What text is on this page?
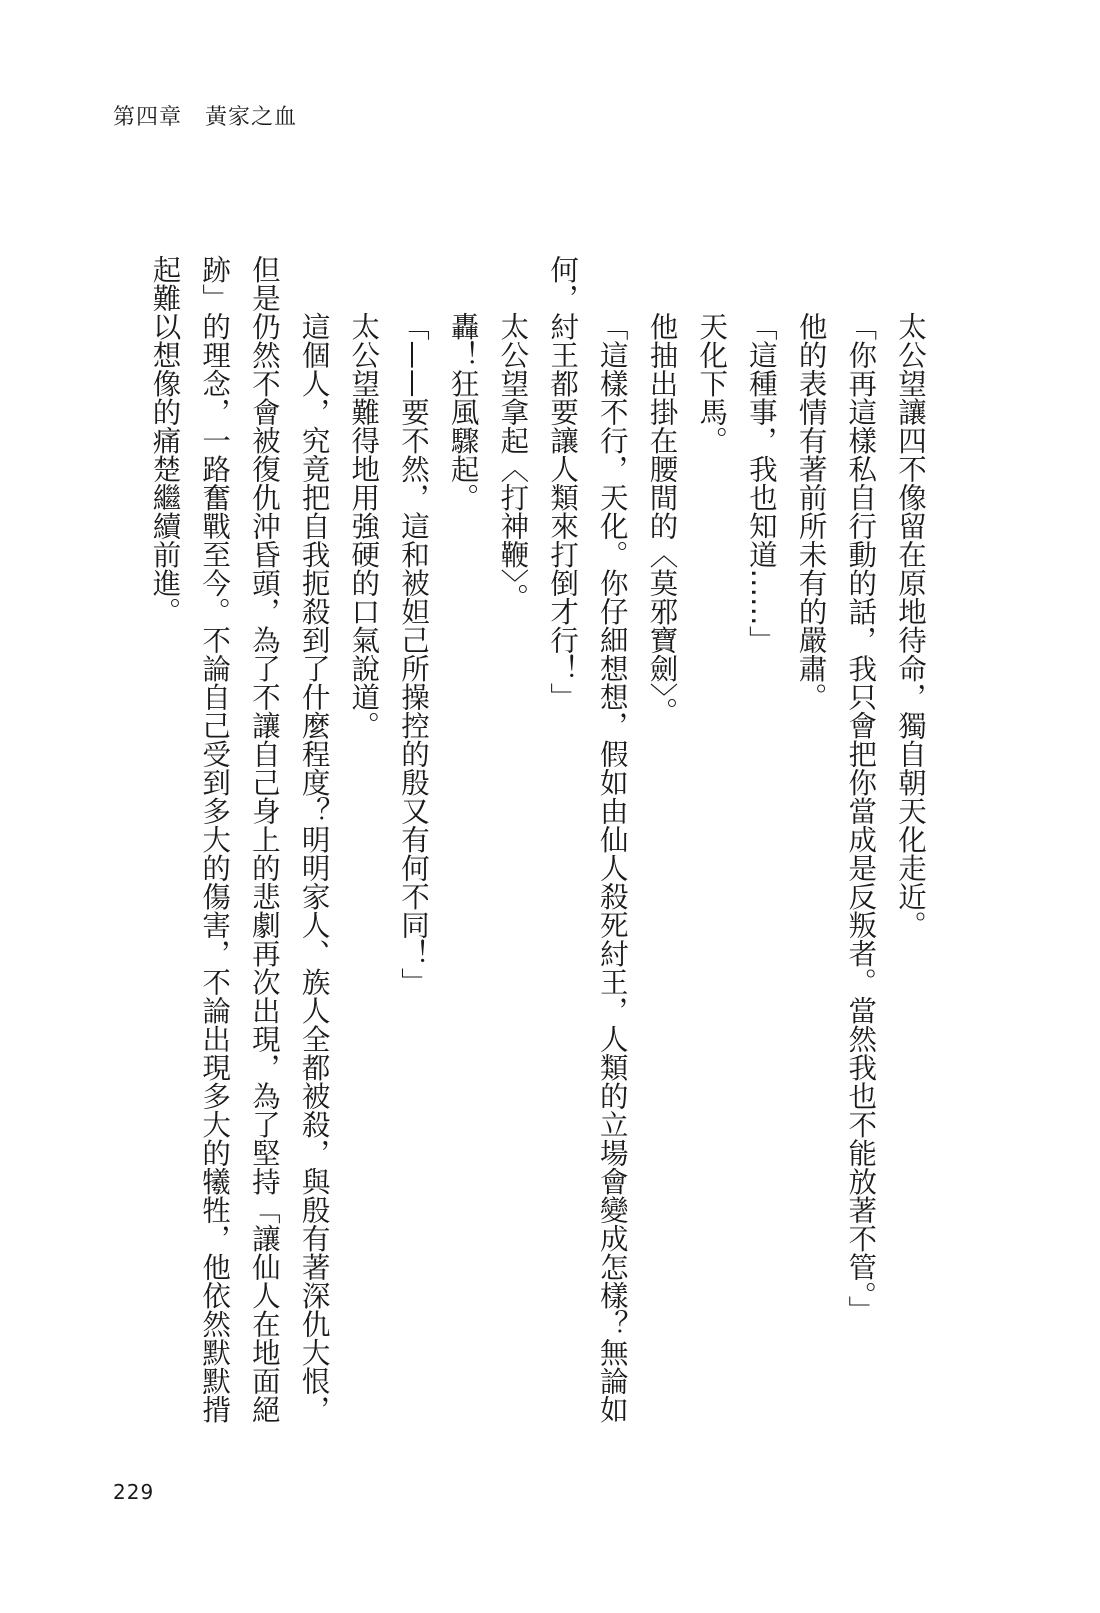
第四章　黃家之血
太公望讓四不像留在原地待命，獨自朝天化走近。
「你再這樣私自行動的話，我只會把你當成是反叛者。當然我也不能放著不管。」
他的表情有著前所未有的嚴肅。
「這種事，我也知道……」
天化下馬。
他抽出掛在腰間的〈莫邪寶劍〉。
「這樣不行，天化。你仔細想想，假如由仙人殺死紂王，人類的立場會變成怎樣？無論如
何，紂王都要讓人類來打倒才行！」
太公望拿起〈打神鞭〉。
轟！狂風驟起。
「——要不然，這和被妲己所操控的殷又有何不同！」
太公望難得地用強硬的口氣說道。
這個人，究竟把自我扼殺到了什麼程度？明明家人、族人全都被殺，與殷有著深仇大恨，
但是仍然不會被復仇沖昏頭，為了不讓自己身上的悲劇再次出現，為了堅持「讓仙人在地面絕
跡」的理念，一路奮戰至今。不論自己受到多大的傷害，不論出現多大的犧牲，他依然默默揹
起難以想像的痛楚繼續前進。
229
